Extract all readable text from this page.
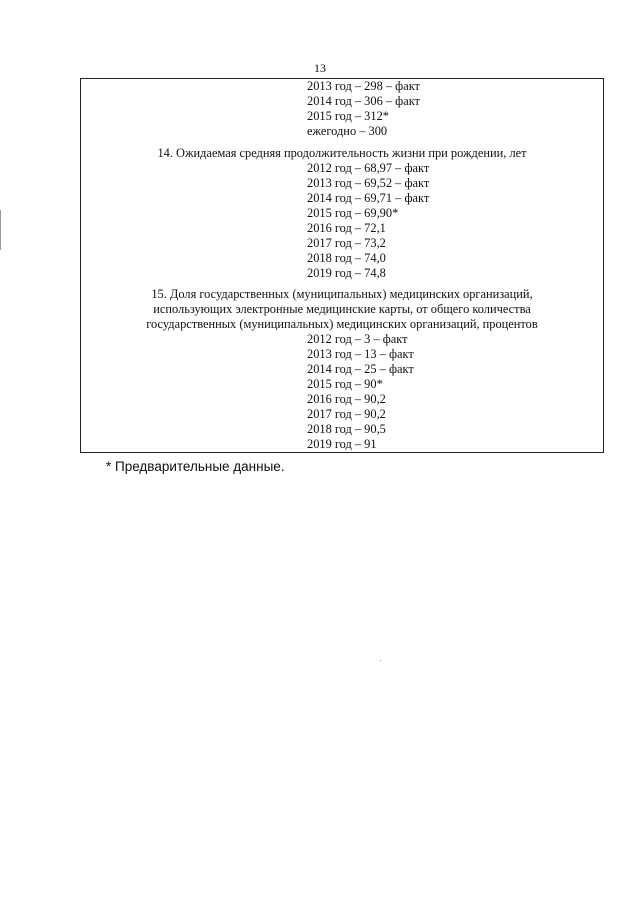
13
2013 год – 298 – факт
2014 год – 306 – факт
2015 год – 312*
ежегодно – 300
14. Ожидаемая средняя продолжительность жизни при рождении, лет
2012 год – 68,97 – факт
2013 год – 69,52 – факт
2014 год – 69,71 – факт
2015 год – 69,90*
2016 год – 72,1
2017 год – 73,2
2018 год – 74,0
2019 год – 74,8
15. Доля государственных (муниципальных) медицинских организаций,
использующих электронные медицинские карты, от общего количества
государственных (муниципальных) медицинских организаций, процентов
2012 год – 3 – факт
2013 год – 13 – факт
2014 год – 25 – факт
2015 год – 90*
2016 год – 90,2
2017 год – 90,2
2018 год – 90,5
2019 год – 91
* Предварительные данные.
